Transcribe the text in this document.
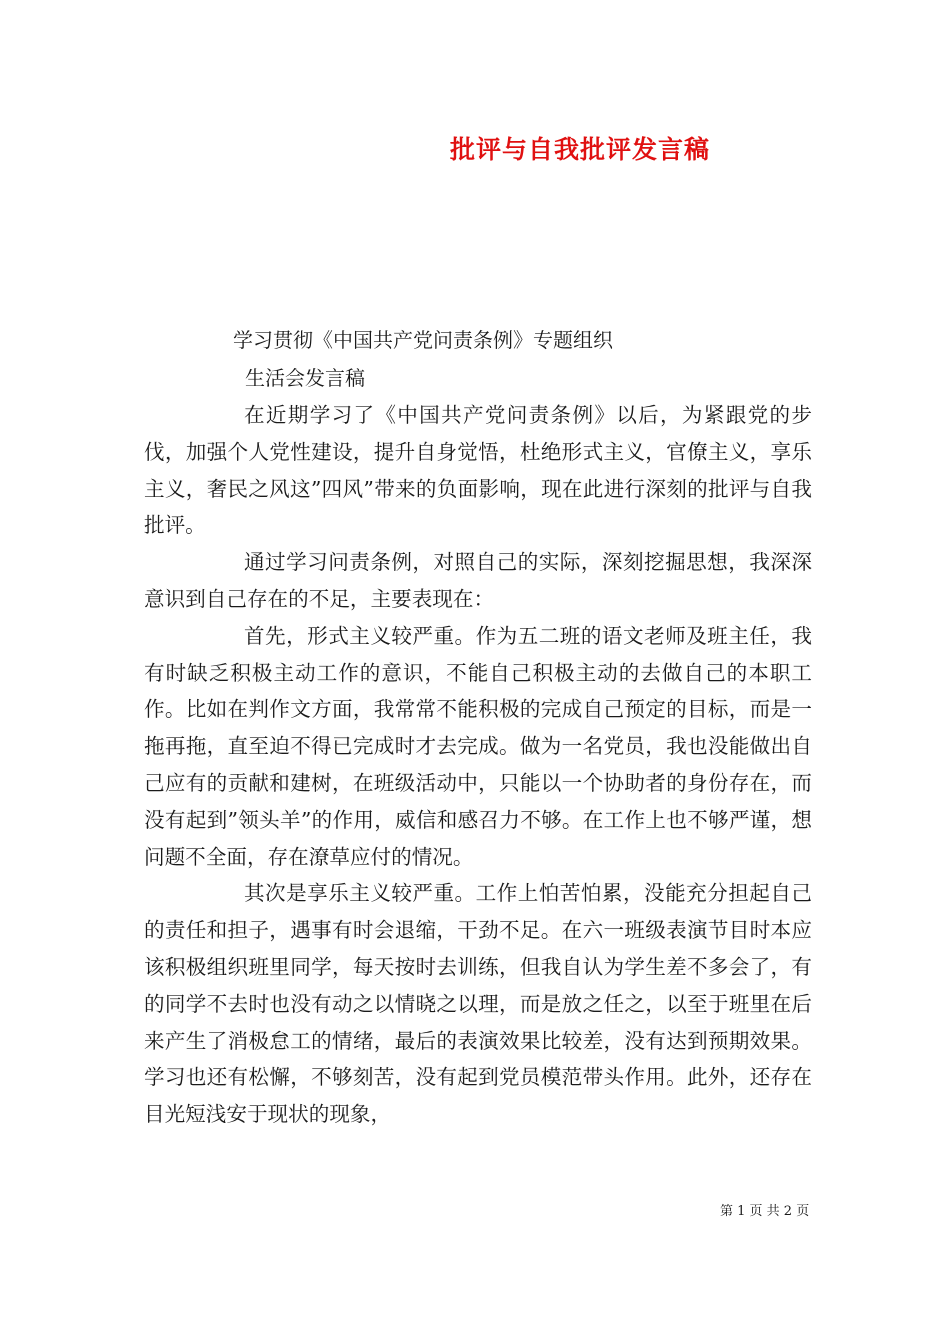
批评与自我批评发言稿
学习贯彻《中国共产党问责条例》专题组织
生活会发言稿

在近期学习了《中国共产党问责条例》以后，为紧跟党的步伐，加强个人党性建设，提升自身觉悟，杜绝形式主义，官僚主义，享乐主义，奢民之风这”四风”带来的负面影响，现在此进行深刻的批评与自我批评。

通过学习问责条例，对照自己的实际，深刻挖掘思想，我深深意识到自己存在的不足，主要表现在：

首先，形式主义较严重。作为五二班的语文老师及班主任，我有时缺乏积极主动工作的意识，不能自己积极主动的去做自己的本职工作。比如在判作文方面，我常常不能积极的完成自己预定的目标，而是一拖再拖，直至迫不得已完成时才去完成。做为一名党员，我也没能做出自己应有的贡献和建树，在班级活动中，只能以一个协助者的身份存在，而没有起到”领头羊”的作用，威信和感召力不够。在工作上也不够严谨，想问题不全面，存在潦草应付的情况。

其次是享乐主义较严重。工作上怕苦怕累，没能充分担起自己的责任和担子，遇事有时会退缩，干劲不足。在六一班级表演节目时本应该积极组织班里同学，每天按时去训练，但我自认为学生差不多会了，有的同学不去时也没有动之以情晓之以理，而是放之任之，以至于班里在后来产生了消极怠工的情绪，最后的表演效果比较差，没有达到预期效果。学习也还有松懈，不够刻苦，没有起到党员模范带头作用。此外，还存在目光短浅安于现状的现象，

第 1 页 共 2 页
